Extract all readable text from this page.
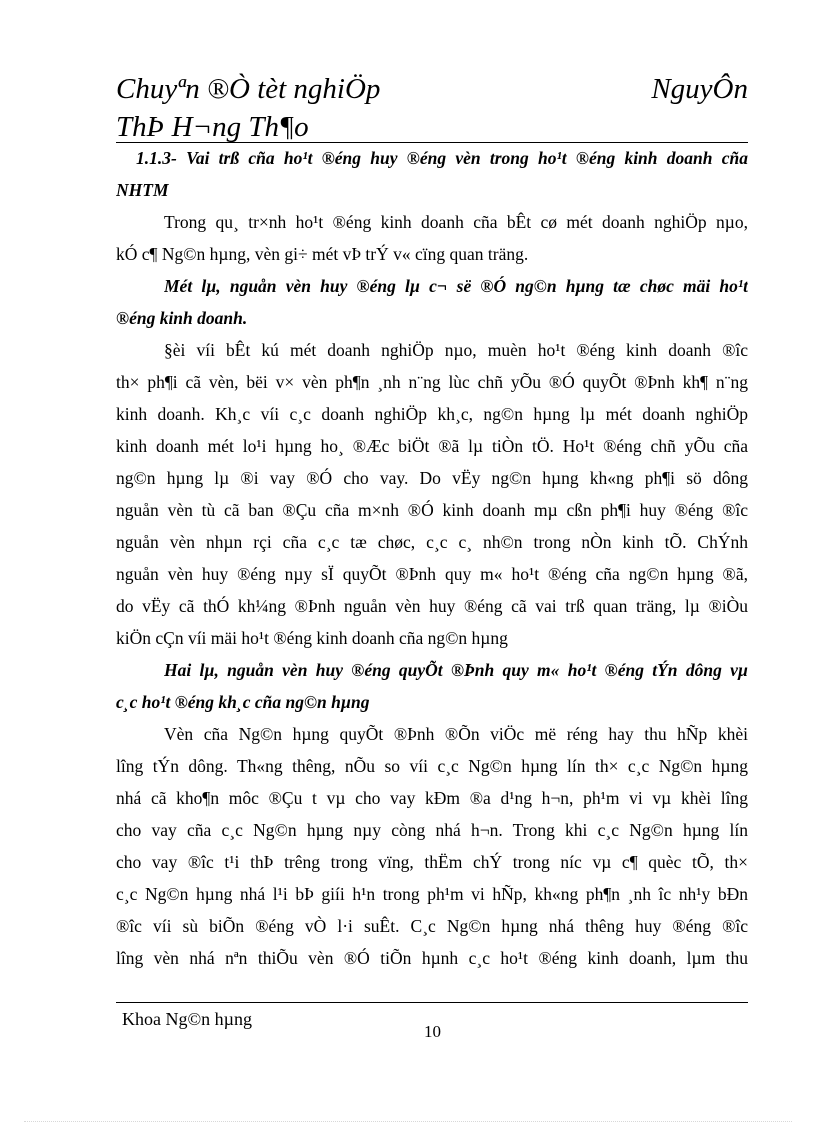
Chuyªn ®Ò tèt nghiÖp	NguyÔn
ThÞ H¬ng Th¶o
1.1.3- Vai trß cña ho¹t ®éng huy ®éng vèn trong ho¹t ®éng kinh doanh cña
NHTM
Trong qu¸ tr×nh ho¹t ®éng kinh doanh cña bÊt cø mét doanh nghiÖp nµo,
kÓ c¶ Ng©n hµng, vèn gi÷ mét vÞ trÝ v« cïng quan träng.
Mét lµ, nguån vèn huy ®éng lµ c¬ së ®Ó ng©n hµng tæ chøc mäi ho¹t
®éng kinh doanh.
§èi víi bÊt kú mét doanh nghiÖp nµo, muèn ho¹t ®éng kinh doanh ®îc
th× ph¶i cã vèn, bëi v× vèn ph¶n ¸nh n¨ng lùc chñ yÕu ®Ó quyÕt ®Þnh kh¶ n¨ng
kinh doanh. Kh¸c víi c¸c doanh nghiÖp kh¸c, ng©n hµng lµ mét doanh nghiÖp
kinh doanh mét lo¹i hµng ho¸ ®Æc biÖt ®ã lµ tiÒn tÖ. Ho¹t ®éng chñ yÕu cña
ng©n hµng lµ ®i vay ®Ó cho vay. Do vËy ng©n hµng kh«ng ph¶i sö dông
nguån vèn tù cã ban ®Çu cña m×nh ®Ó kinh doanh mµ cßn ph¶i huy ®éng ®îc
nguån vèn nhµn rçi cña c¸c tæ chøc, c¸c c¸ nh©n trong nÒn kinh tÕ. ChÝnh
nguån vèn huy ®éng nµy sÏ quyÕt ®Þnh quy m« ho¹t ®éng cña ng©n hµng ®ã,
do vËy cã thÓ kh¼ng ®Þnh nguån vèn huy ®éng cã vai trß quan träng, lµ ®iÒu
kiÖn cÇn víi mäi ho¹t ®éng kinh doanh cña ng©n hµng
Hai lµ, nguån vèn huy ®éng quyÕt ®Þnh quy m« ho¹t ®éng tÝn dông vµ
c¸c ho¹t ®éng kh¸c cña ng©n hµng
Vèn cña Ng©n hµng quyÕt ®Þnh ®Õn viÖc më réng hay thu hÑp khèi
lîng tÝn dông. Th«ng thêng, nÕu so víi c¸c Ng©n hµng lín th× c¸c Ng©n hµng
nhá cã kho¶n môc ®Çu t vµ cho vay kÐm ®a d¹ng h¬n, ph¹m vi vµ khèi lîng
cho vay cña c¸c Ng©n hµng nµy còng nhá h¬n. Trong khi c¸c Ng©n hµng lín
cho vay ®îc t¹i thÞ trêng trong vïng, thËm chÝ trong níc vµ c¶ quèc tÕ, th×
c¸c Ng©n hµng nhá l¹i bÞ giíi h¹n trong ph¹m vi hÑp, kh«ng ph¶n ¸nh îc nh¹y bÐn
®îc víi sù biÕn ®éng vÒ l·i suÊt. C¸c Ng©n hµng nhá thêng huy ®éng ®îc
lîng vèn nhá nªn thiÕu vèn ®Ó tiÕn hµnh c¸c ho¹t ®éng kinh doanh, lµm thu
Khoa Ng©n hµng
10
